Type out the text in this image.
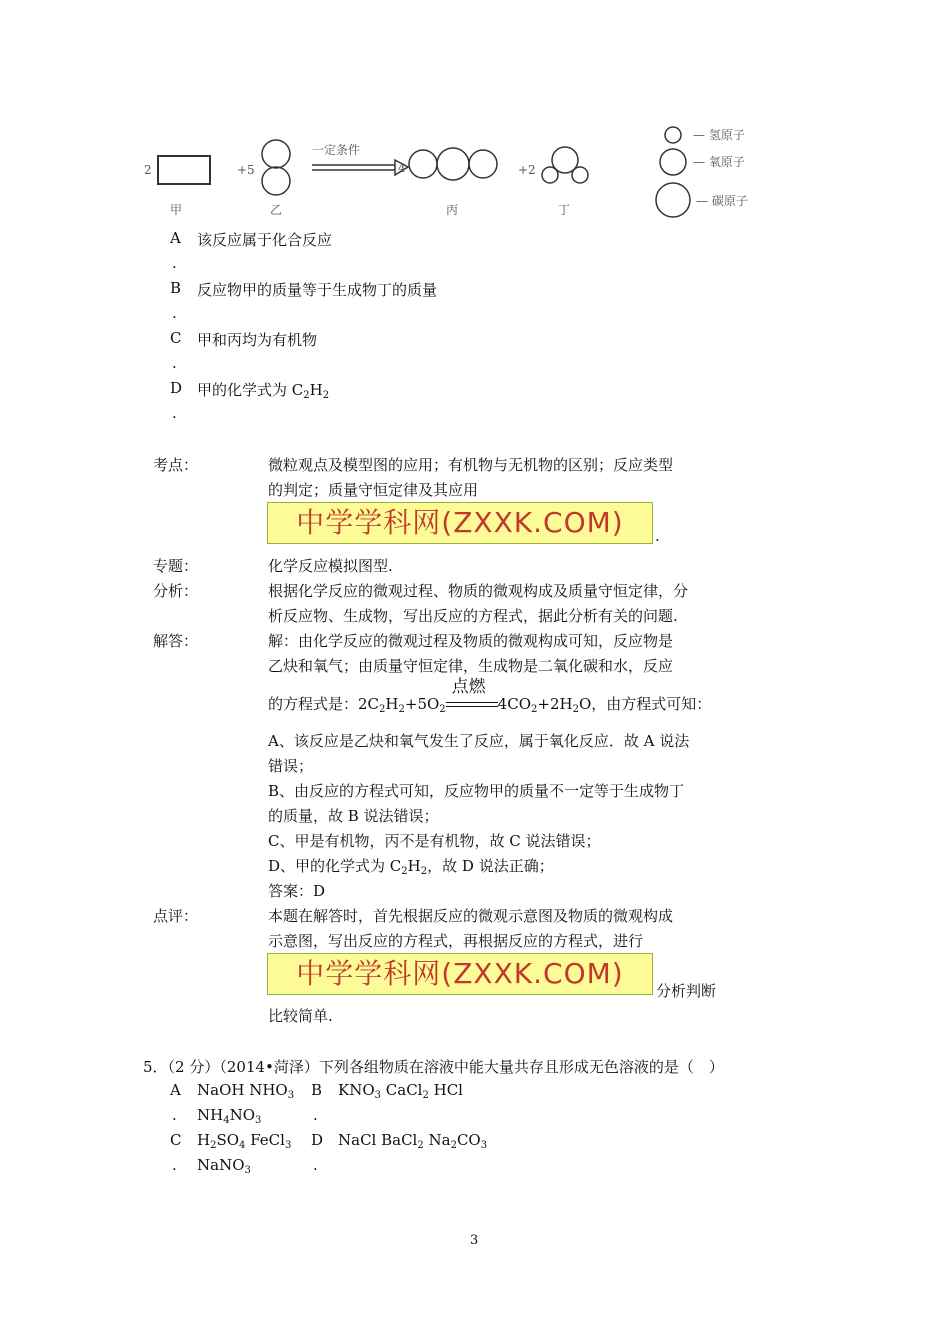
2	+5
一定条件
4	+2
甲	乙	丙	丁
— 氢原子
— 氧原子
— 碳原子
A 该反应属于化合反应
.
B 反应物甲的质量等于生成物丁的质量
.
C 甲和丙均为有机物
.
D 甲的化学式为 $C_2H_2$
.
考点：	微粒观点及模型图的应用；有机物与无机物的区别；反应类型
的判定；质量守恒定律及其应用
中学学科网(ZXXK.COM)	.
专题：	化学反应模拟图型.
分析：	根据化学反应的微观过程、物质的微观构成及质量守恒定律，分
析反应物、生成物，写出反应的方程式，据此分析有关的问题.
解答：	解：由化学反应的微观过程及物质的微观构成可知，反应物是
乙炔和氧气；由质量守恒定律，生成物是二氧化碳和水，反应
的方程式是：$2C_2H_2+5O_2$
点燃
$4CO_2+2H_2O$，由方程式可知：
A、该反应是乙炔和氧气发生了反应，属于氧化反应．故 A 说法
错误；
B、由反应的方程式可知，反应物甲的质量不一定等于生成物丁
的质量，故 B 说法错误；
C、甲是有机物，丙不是有机物，故 C 说法错误；
D、甲的化学式为 $C_2H_2$，故 D 说法正确；
答案：D
点评：	本题在解答时，首先根据反应的微观示意图及物质的微观构成
示意图，写出反应的方程式，再根据反应的方程式，进行
中学学科网(ZXXK.COM)
分析判断
比较简单.
5．（2 分）（2014•菏泽）下列各组物质在溶液中能大量共存且形成无色溶液的是（　）
A NaOH $NHO_3$
. $NH_4NO_3$
B $KNO_3$ CaCl$_2$ HCl
.
C $H_2SO_4$ FeCl$_3$
. NaNO$_3$
D NaCl BaCl$_2$ $Na_2CO_3$
.
3
